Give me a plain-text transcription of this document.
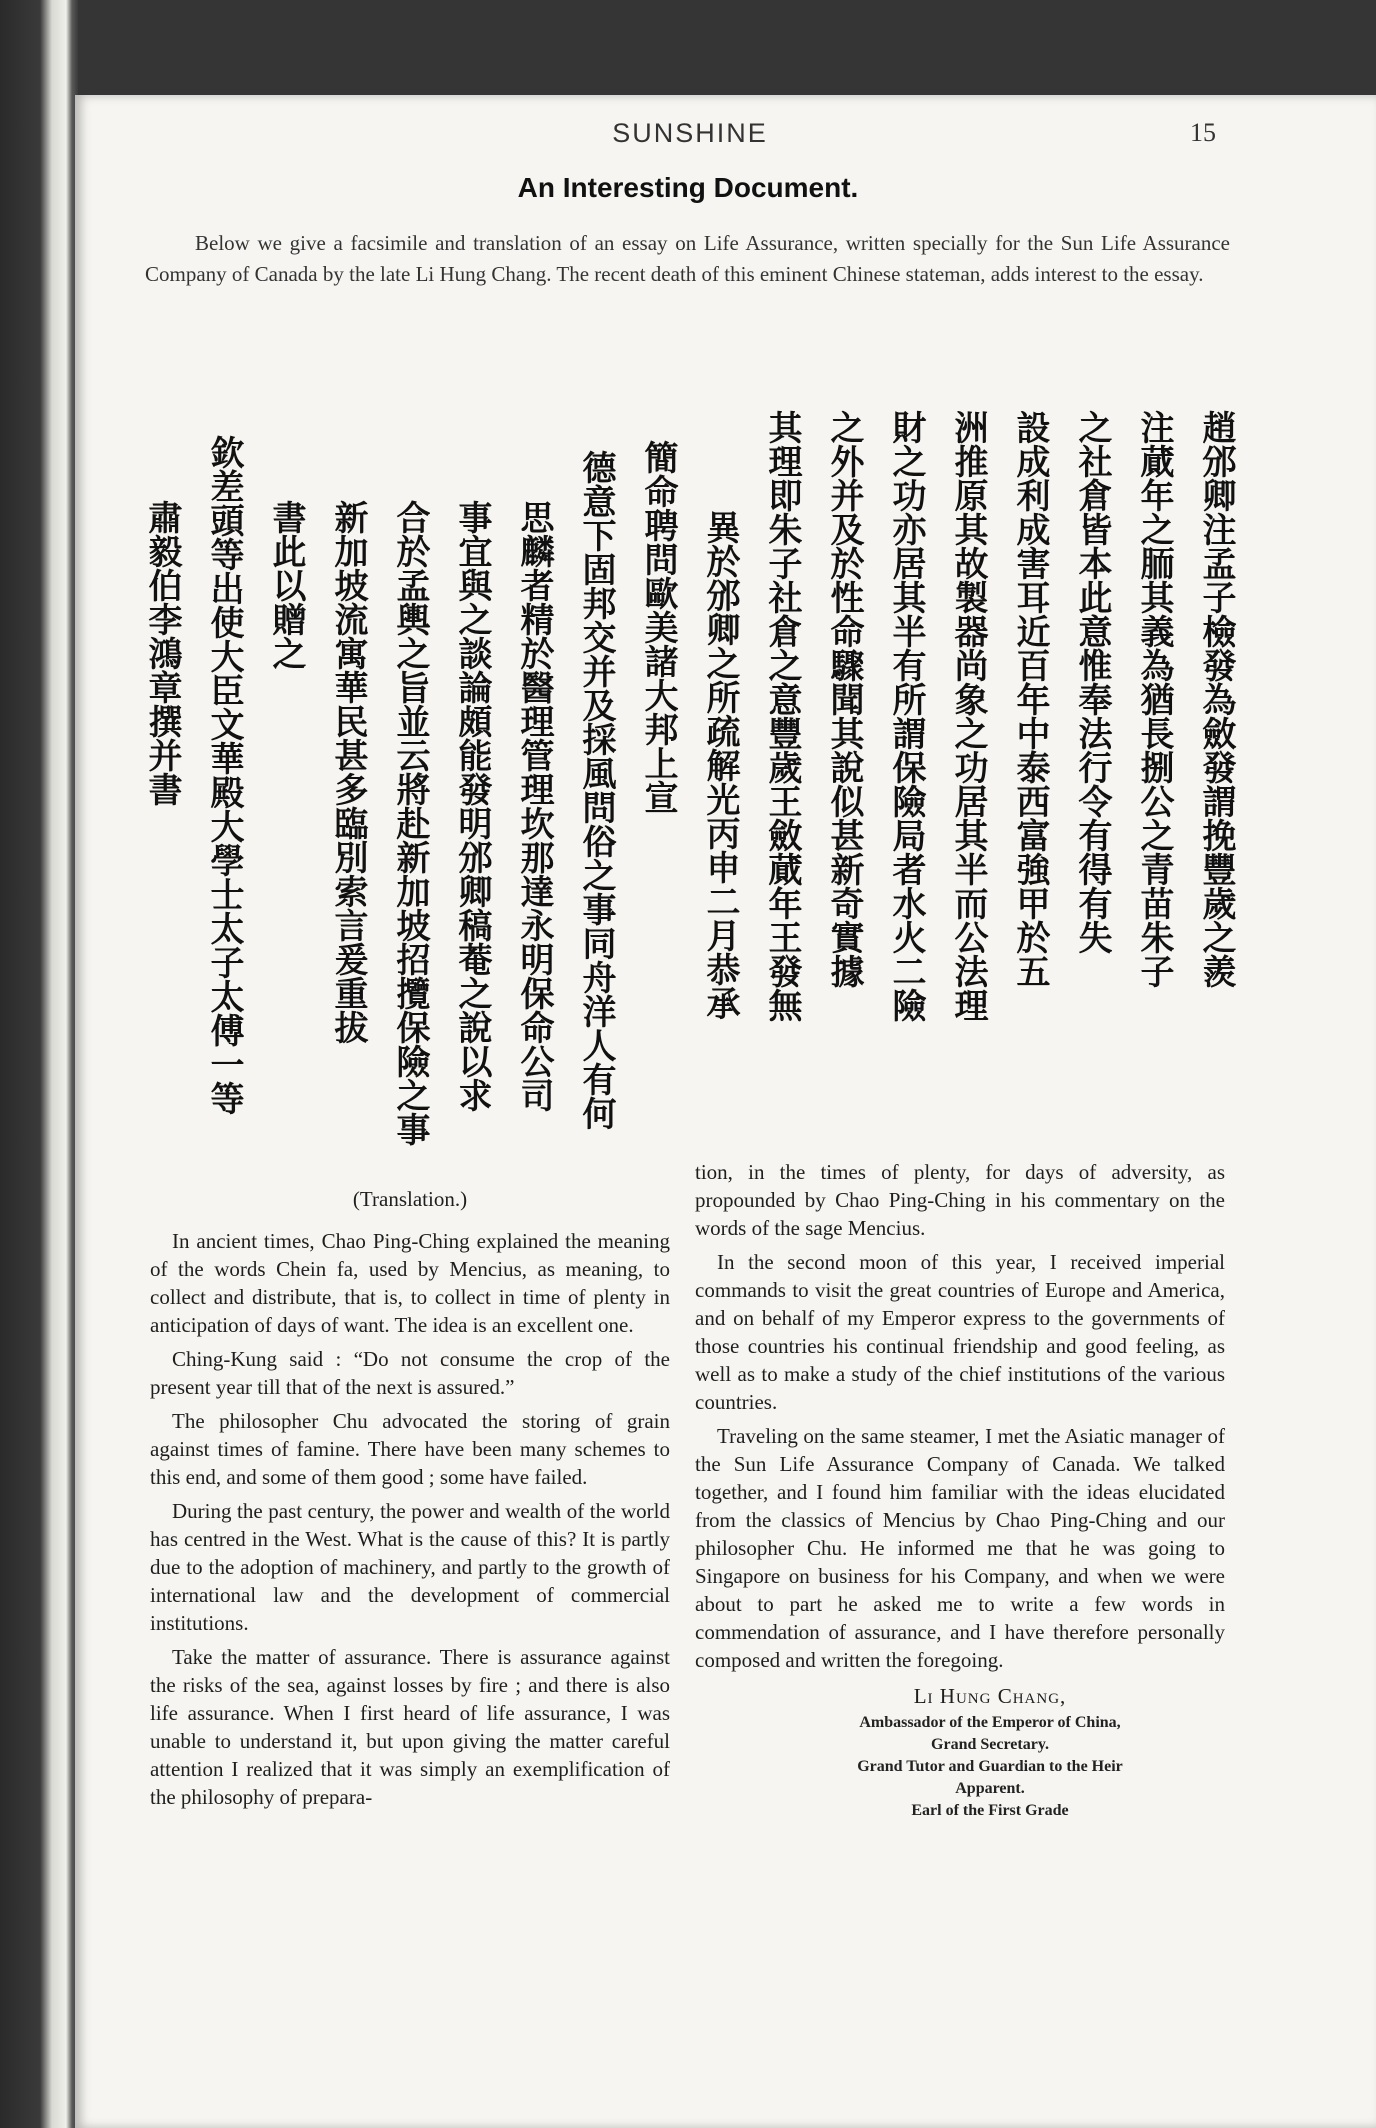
SUNSHINE	15
An Interesting Document.

Below we give a facsimile and translation of an essay on Life Assurance, written specially for the Sun Life Assurance Company of Canada by the late Li Hung Chang. The recent death of this eminent Chinese stateman, adds interest to the essay.

趙邠卿注孟子檢發為斂發謂挽豐歲之羨
注蕆年之胹其義為猶長捌公之青苗朱子
之社倉皆本此意惟奉法行令有得有失
設成利成害耳近百年中泰西富強甲於五
洲推原其故製器尚象之功居其半而公法理
財之功亦居其半有所謂保險局者水火二險
之外并及於性命驟聞其說似甚新奇實據
其理即朱子社倉之意豐歲王斂蕆年王發無
異於邠卿之所疏解光丙申二月恭承
簡命聘問歐美諸大邦上宣
德意下固邦交并及採風問俗之事同舟洋人有何
思麟者精於醫理管理坎那達永明保命公司
事宜與之談論頗能發明邠卿稿菴之說以求
合於孟輿之旨並云將赴新加坡招攬保險之事
新加坡流寓華民甚多臨別索言爰重拔
書此以贈之
欽差頭等出使大臣文華殿大學士太子太傅一等
肅毅伯李鴻章撰并書

(Translation.)

In ancient times, Chao Ping-Ching explained the meaning of the words Chein fa, used by Mencius, as meaning, to collect and distribute, that is, to collect in time of plenty in anticipation of days of want. The idea is an excellent one.

Ching-Kung said : “Do not consume the crop of the present year till that of the next is assured.”

The philosopher Chu advocated the storing of grain against times of famine. There have been many schemes to this end, and some of them good ; some have failed.

During the past century, the power and wealth of the world has centred in the West. What is the cause of this? It is partly due to the adoption of machinery, and partly to the growth of international law and the development of commercial institutions.

Take the matter of assurance. There is assurance against the risks of the sea, against losses by fire ; and there is also life assurance. When I first heard of life assurance, I was unable to understand it, but upon giving the matter careful attention I realized that it was simply an exemplification of the philosophy of prepara-

tion, in the times of plenty, for days of adversity, as propounded by Chao Ping-Ching in his commentary on the words of the sage Mencius.

In the second moon of this year, I received imperial commands to visit the great countries of Europe and America, and on behalf of my Emperor express to the governments of those countries his continual friendship and good feeling, as well as to make a study of the chief institutions of the various countries.

Traveling on the same steamer, I met the Asiatic manager of the Sun Life Assurance Company of Canada. We talked together, and I found him familiar with the ideas elucidated from the classics of Mencius by Chao Ping-Ching and our philosopher Chu. He informed me that he was going to Singapore on business for his Company, and when we were about to part he asked me to write a few words in commendation of assurance, and I have therefore personally composed and written the foregoing.

Li Hung Chang,
Ambassador of the Emperor of China,
Grand Secretary.
Grand Tutor and Guardian to the Heir
Apparent.
Earl of the First Grade
